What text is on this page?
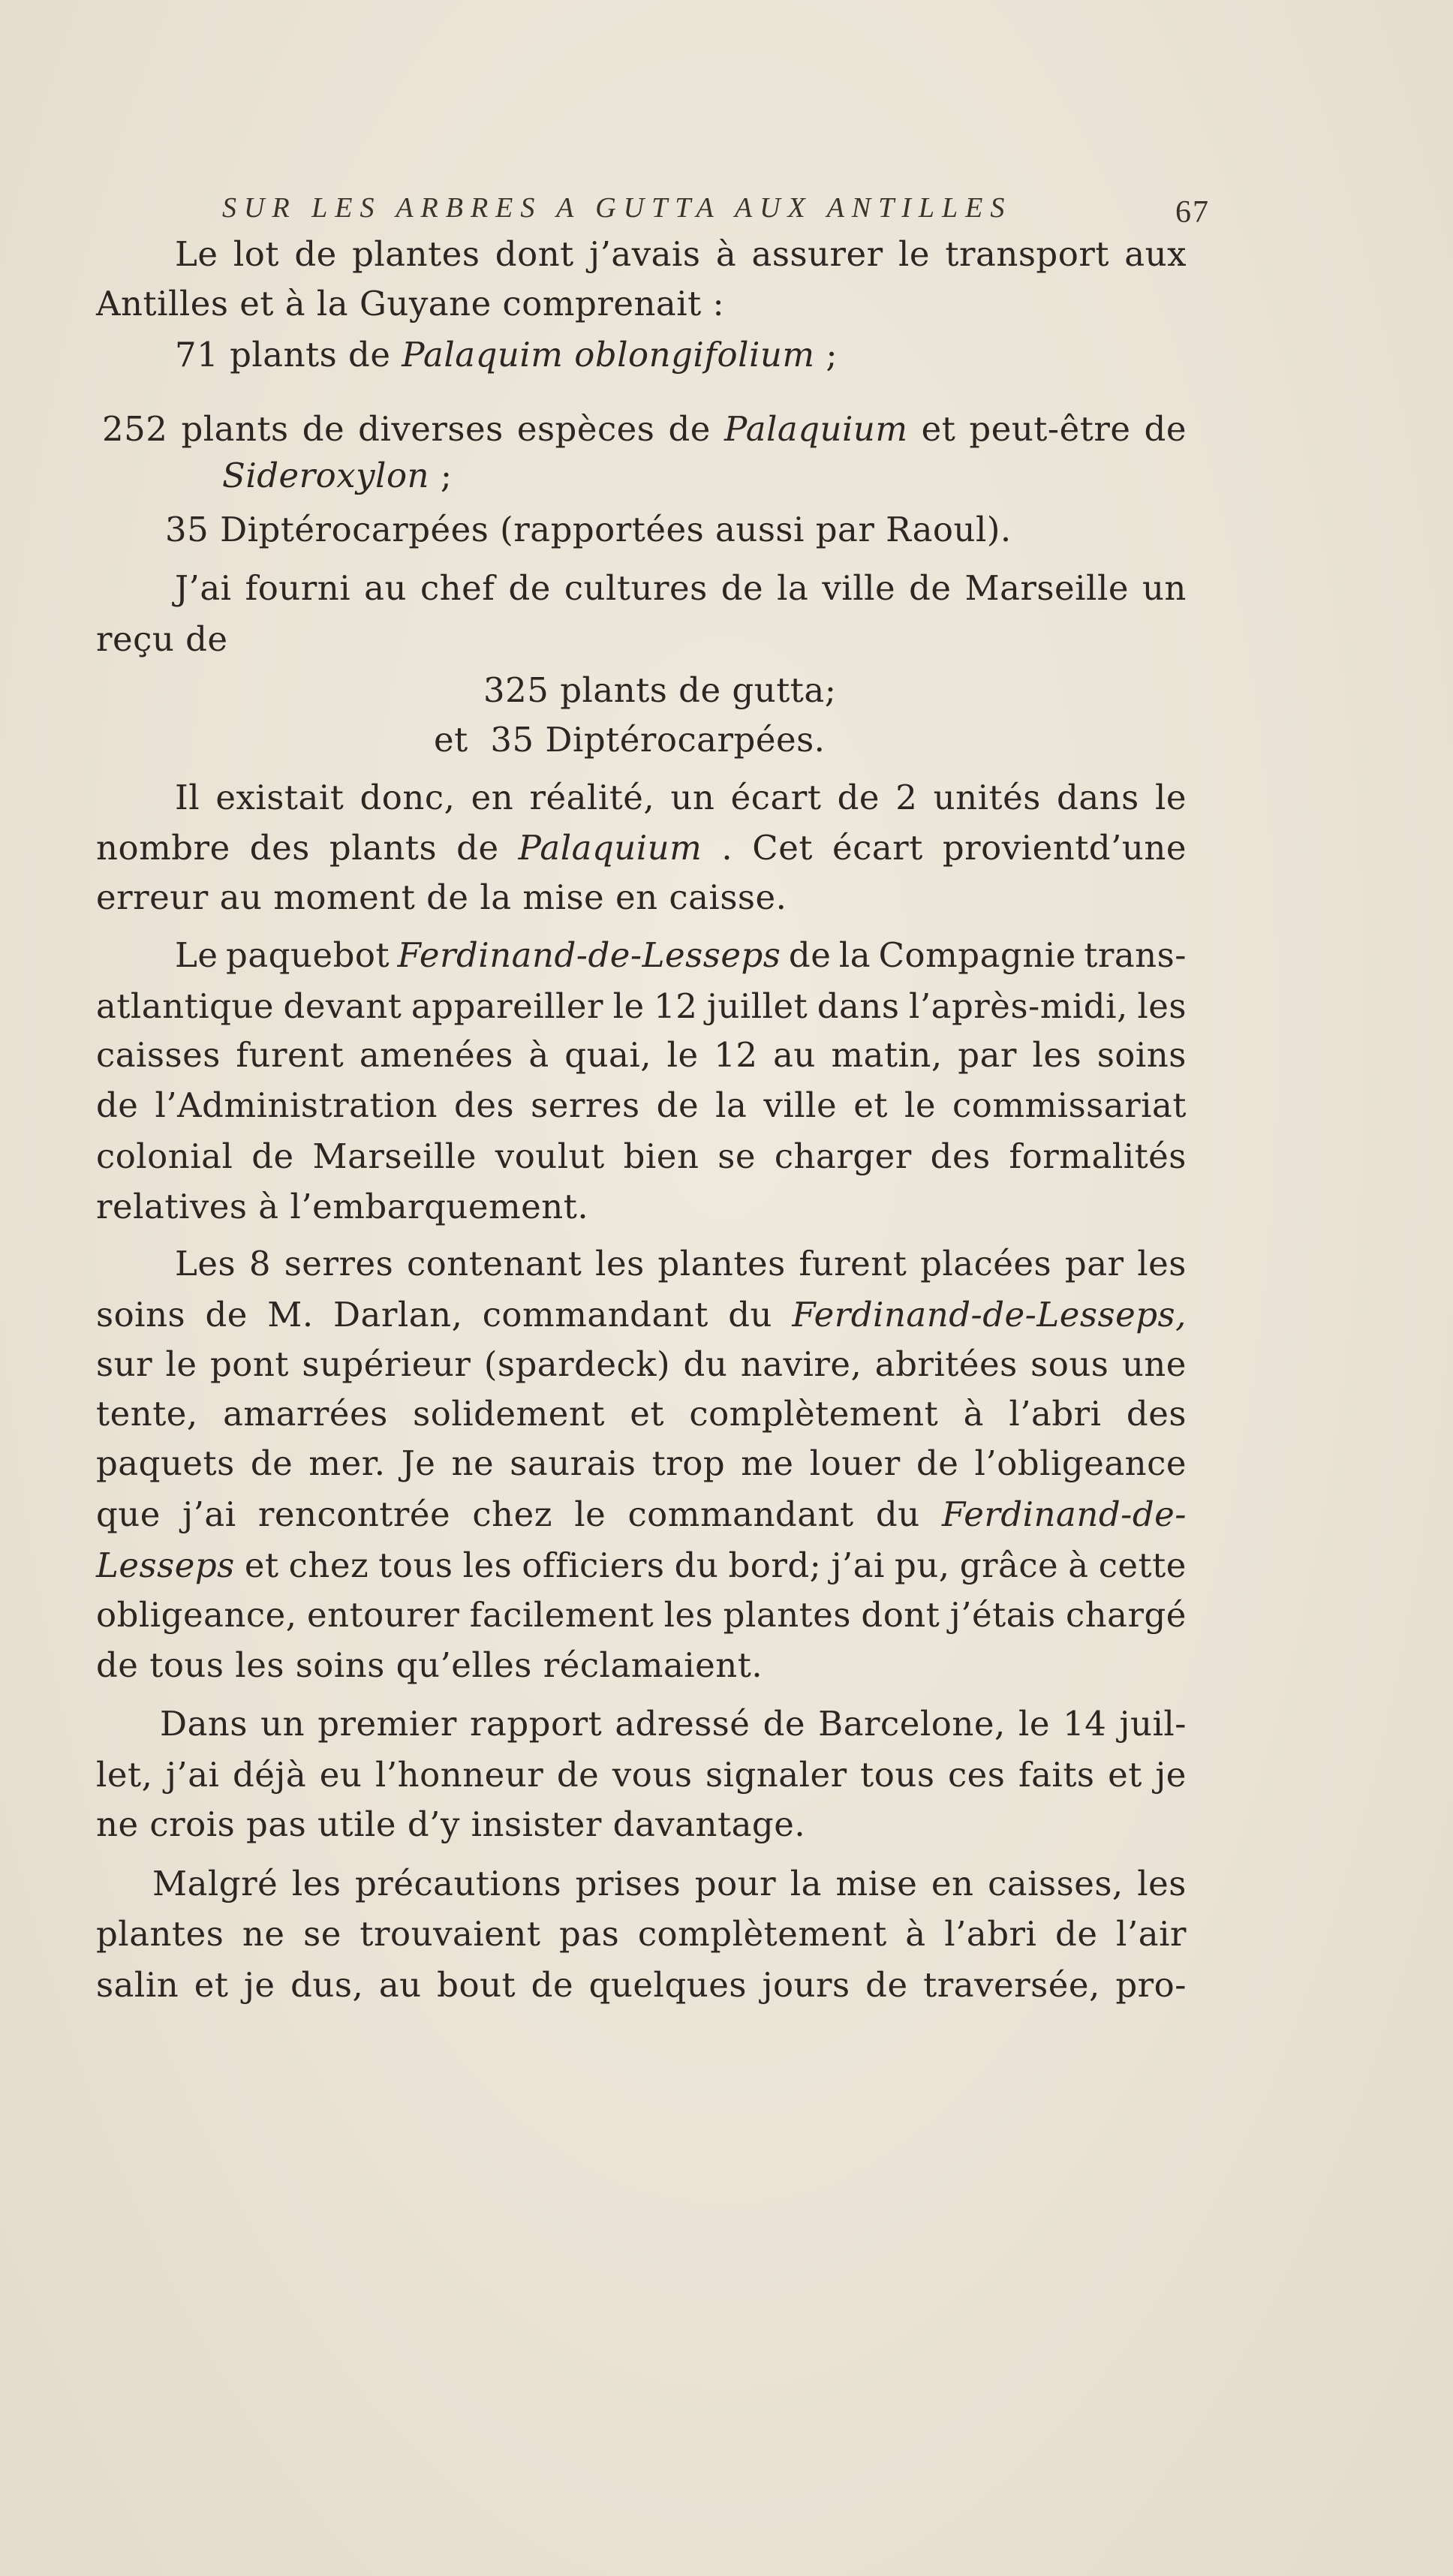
SUR LES ARBRES A GUTTA AUX ANTILLES	67
Le lot de plantes dont j’avais à assurer le transport aux
Antilles et à la Guyane comprenait :
71 plants de Palaquim oblongifolium ;
252 plants de diverses espèces de Palaquium et peut-être de
Sideroxylon ;
35 Diptérocarpées (rapportées aussi par Raoul).
J’ai fourni au chef de cultures de la ville de Marseille un
reçu de
325 plants de gutta;
et  35 Diptérocarpées.
Il existait donc, en réalité, un écart de 2 unités dans le
nombre des plants de Palaquium . Cet écart provientd’une
erreur au moment de la mise en caisse.
Le paquebot Ferdinand-de-Lesseps de la Compagnie trans-
atlantique devant appareiller le 12 juillet dans l’après-midi, les
caisses furent amenées à quai, le 12 au matin, par les soins
de l’Administration des serres de la ville et le commissariat
colonial de Marseille voulut bien se charger des formalités
relatives à l’embarquement.
Les 8 serres contenant les plantes furent placées par les
soins de M. Darlan, commandant du Ferdinand-de-Lesseps,
sur le pont supérieur (spardeck) du navire, abritées sous une
tente, amarrées solidement et complètement à l’abri des
paquets de mer. Je ne saurais trop me louer de l’obligeance
que j’ai rencontrée chez le commandant du Ferdinand-de-
Lesseps et chez tous les officiers du bord; j’ai pu, grâce à cette
obligeance, entourer facilement les plantes dont j’étais chargé
de tous les soins qu’elles réclamaient.
Dans un premier rapport adressé de Barcelone, le 14 juil-
let, j’ai déjà eu l’honneur de vous signaler tous ces faits et je
ne crois pas utile d’y insister davantage.
Malgré les précautions prises pour la mise en caisses, les
plantes ne se trouvaient pas complètement à l’abri de l’air
salin et je dus, au bout de quelques jours de traversée, pro-
